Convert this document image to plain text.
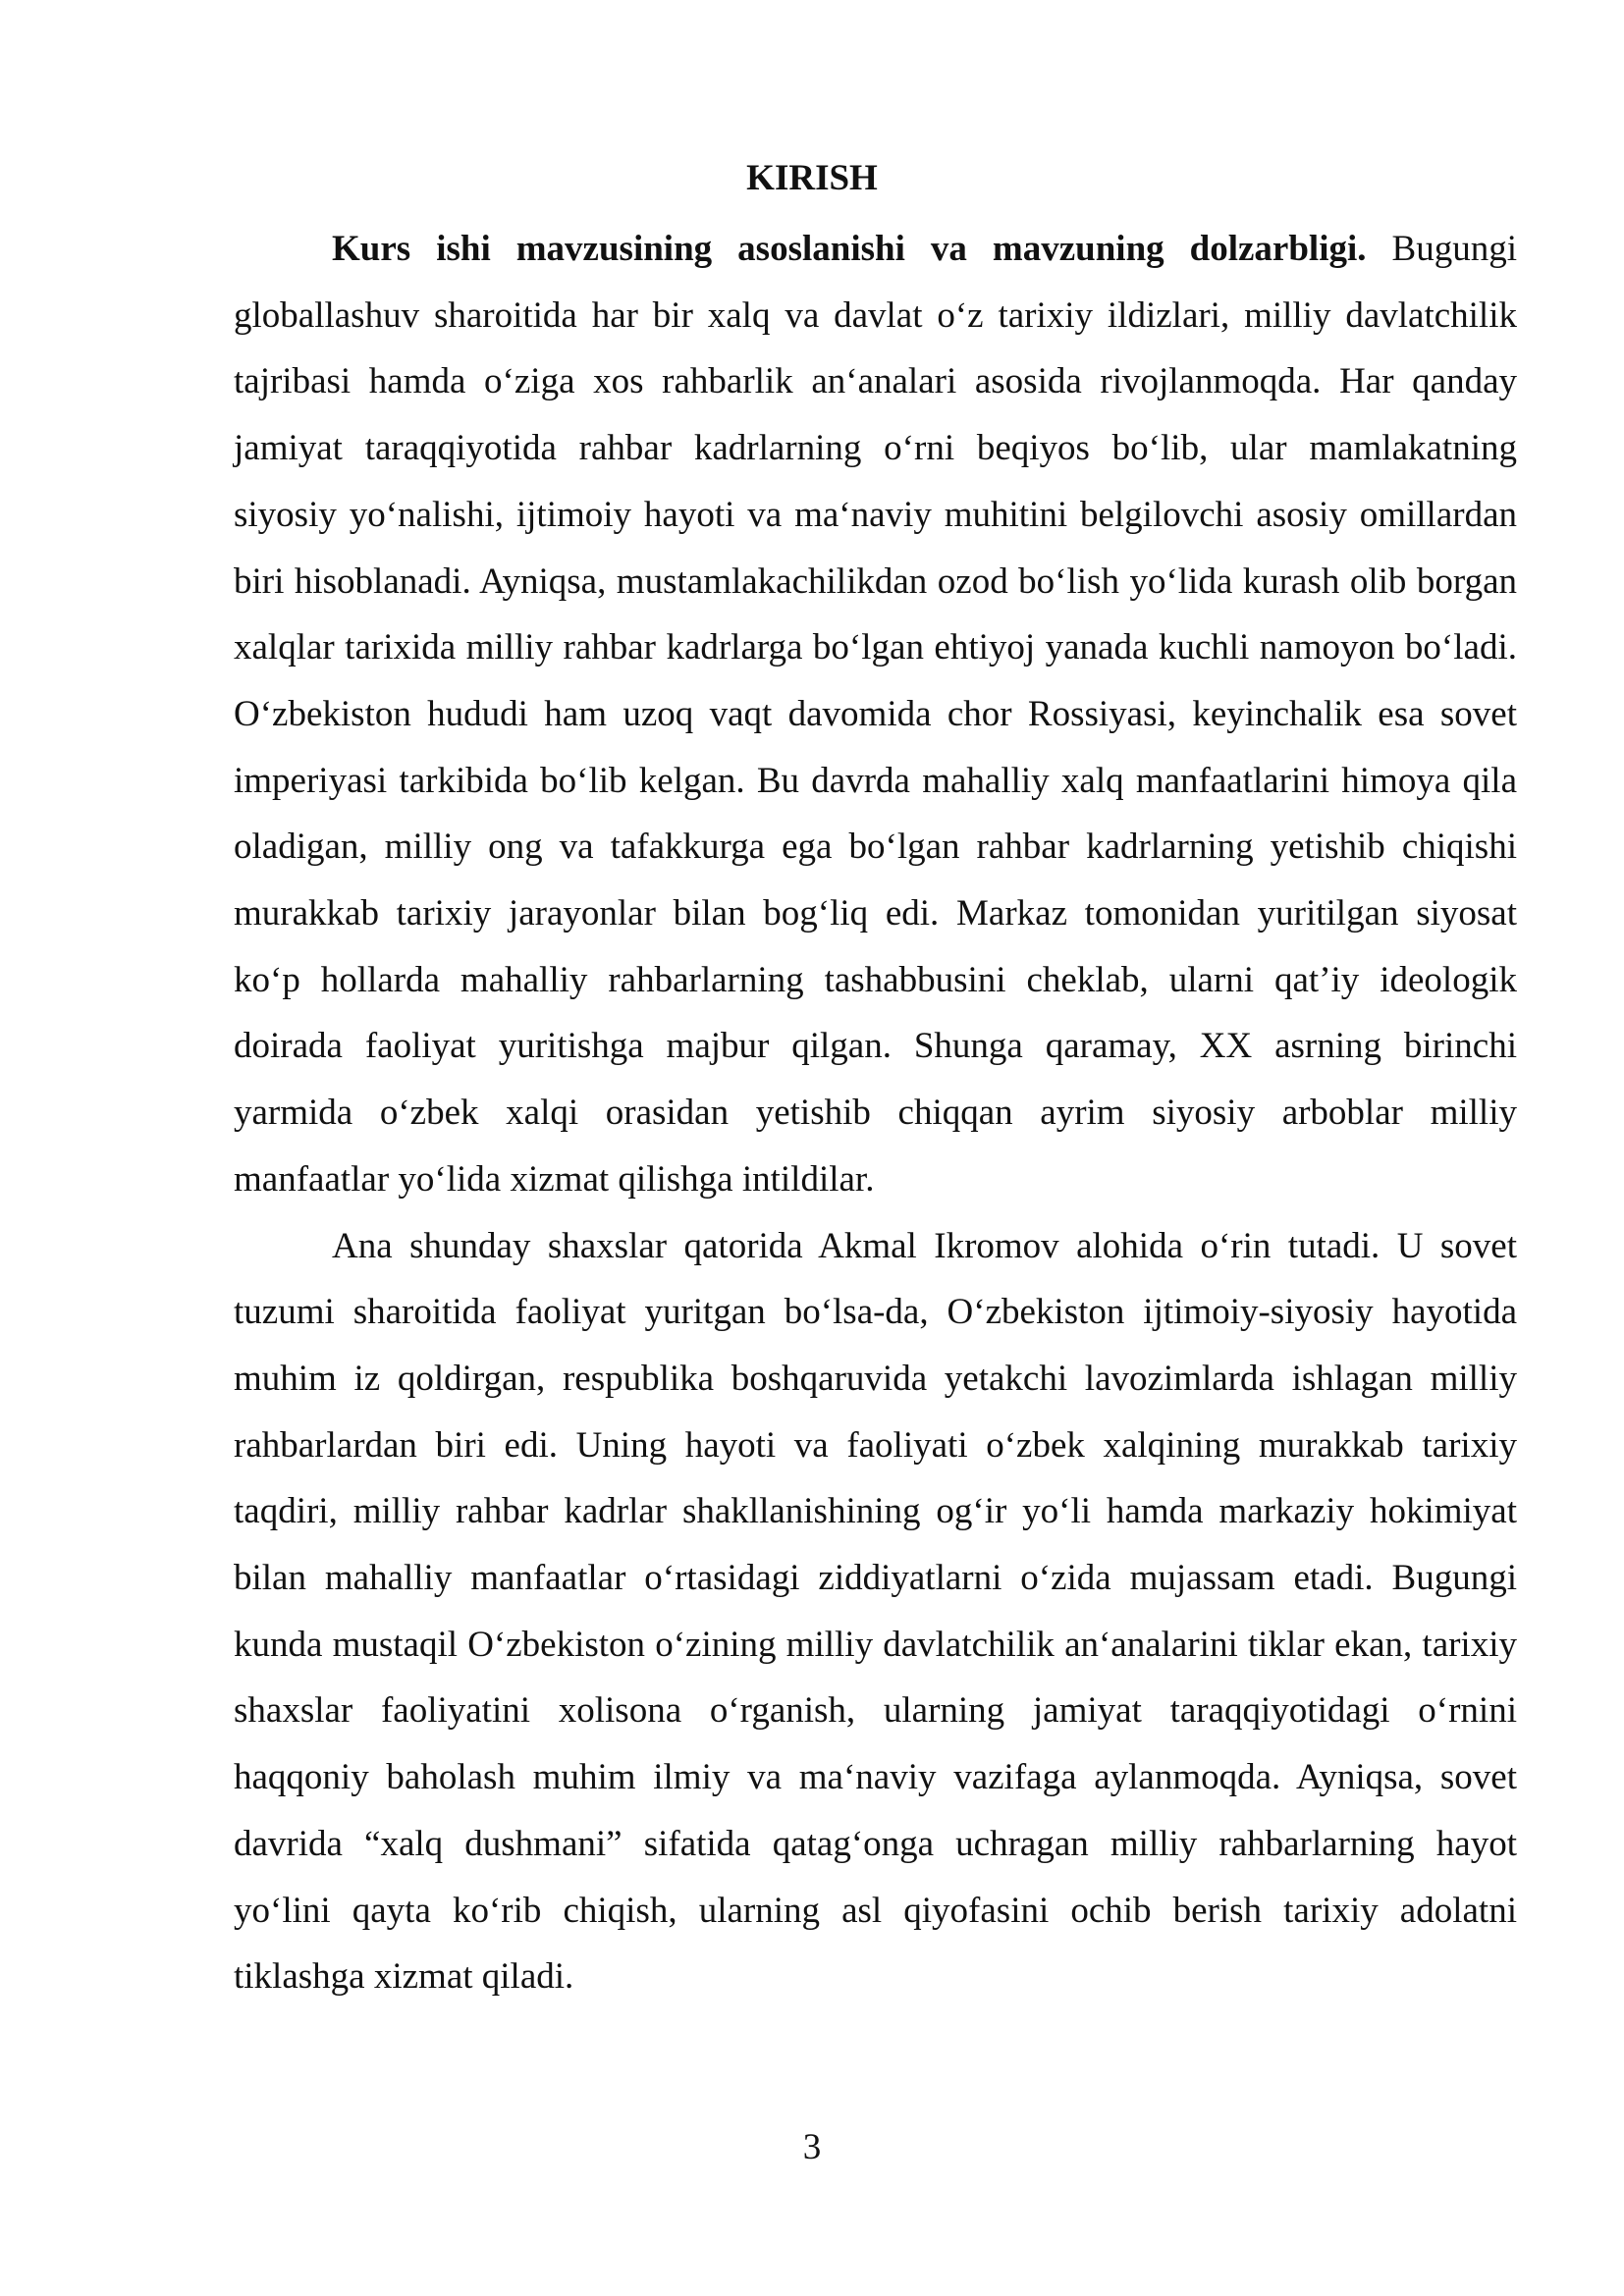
KIRISH

Kurs ishi mavzusining asoslanishi va mavzuning dolzarbligi. Bugungi globallashuv sharoitida har bir xalq va davlat o‘z tarixiy ildizlari, milliy davlatchilik tajribasi hamda o‘ziga xos rahbarlik an‘analari asosida rivojlanmoqda. Har qanday jamiyat taraqqiyotida rahbar kadrlarning o‘rni beqiyos bo‘lib, ular mamlakatning siyosiy yo‘nalishi, ijtimoiy hayoti va ma‘naviy muhitini belgilovchi asosiy omillardan biri hisoblanadi. Ayniqsa, mustamlakachilikdan ozod bo‘lish yo‘lida kurash olib borgan xalqlar tarixida milliy rahbar kadrlarga bo‘lgan ehtiyoj yanada kuchli namoyon bo‘ladi. O‘zbekiston hududi ham uzoq vaqt davomida chor Rossiyasi, keyinchalik esa sovet imperiyasi tarkibida bo‘lib kelgan. Bu davrda mahalliy xalq manfaatlarini himoya qila oladigan, milliy ong va tafakkurga ega bo‘lgan rahbar kadrlarning yetishib chiqishi murakkab tarixiy jarayonlar bilan bog‘liq edi. Markaz tomonidan yuritilgan siyosat ko‘p hollarda mahalliy rahbarlarning tashabbusini cheklab, ularni qat’iy ideologik doirada faoliyat yuritishga majbur qilgan. Shunga qaramay, XX asrning birinchi yarmida o‘zbek xalqi orasidan yetishib chiqqan ayrim siyosiy arboblar milliy manfaatlar yo‘lida xizmat qilishga intildilar.

Ana shunday shaxslar qatorida Akmal Ikromov alohida o‘rin tutadi. U sovet tuzumi sharoitida faoliyat yuritgan bo‘lsa-da, O‘zbekiston ijtimoiy-siyosiy hayotida muhim iz qoldirgan, respublika boshqaruvida yetakchi lavozimlarda ishlagan milliy rahbarlardan biri edi. Uning hayoti va faoliyati o‘zbek xalqining murakkab tarixiy taqdiri, milliy rahbar kadrlar shakllanishining og‘ir yo‘li hamda markaziy hokimiyat bilan mahalliy manfaatlar o‘rtasidagi ziddiyatlarni o‘zida mujassam etadi. Bugungi kunda mustaqil O‘zbekiston o‘zining milliy davlatchilik an‘analarini tiklar ekan, tarixiy shaxslar faoliyatini xolisona o‘rganish, ularning jamiyat taraqqiyotidagi o‘rnini haqqoniy baholash muhim ilmiy va ma‘naviy vazifaga aylanmoqda. Ayniqsa, sovet davrida “xalq dushmani” sifatida qatag‘onga uchragan milliy rahbarlarning hayot yo‘lini qayta ko‘rib chiqish, ularning asl qiyofasini ochib berish tarixiy adolatni tiklashga xizmat qiladi.

3
